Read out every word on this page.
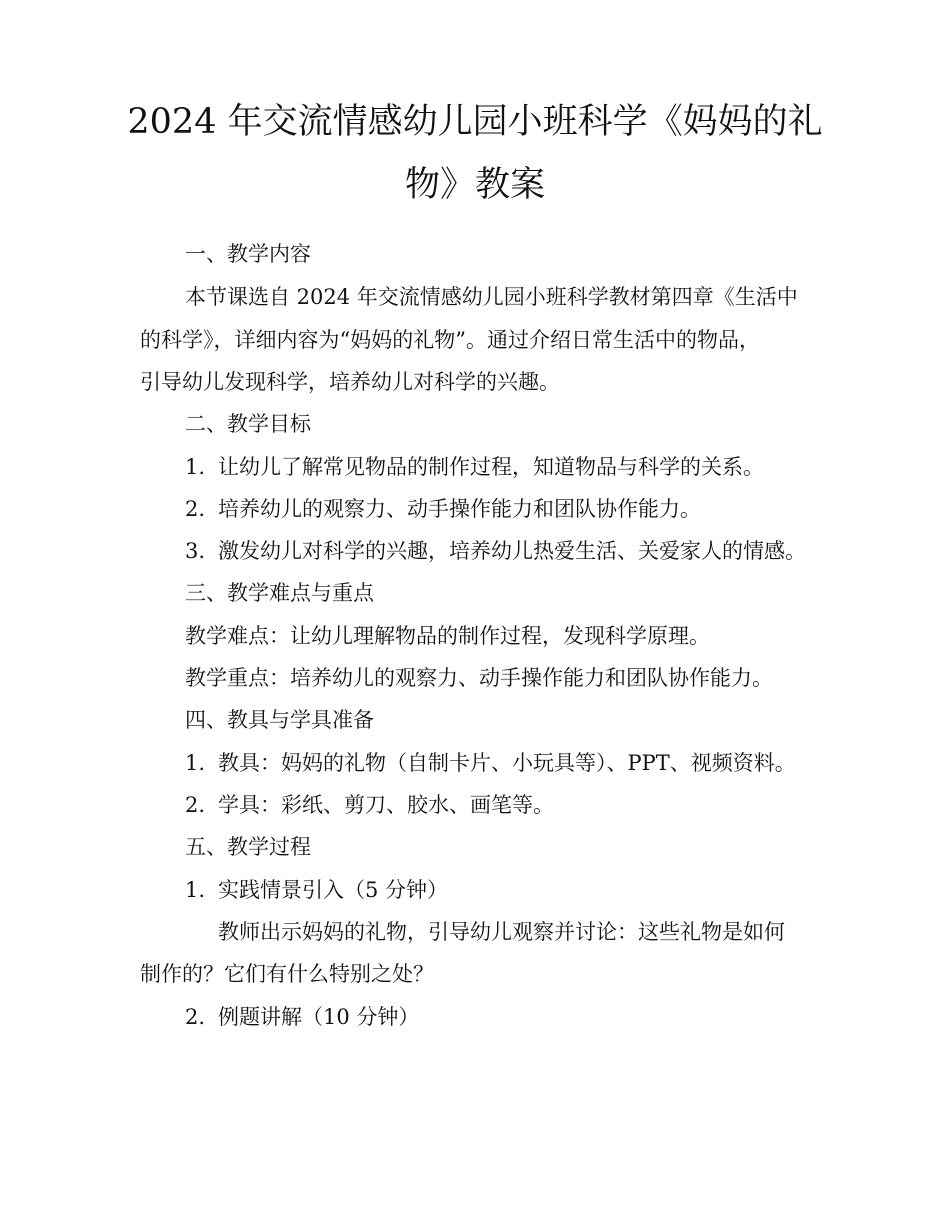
2024 年交流情感幼儿园小班科学《妈妈的礼
物》教案
一、教学内容
本节课选自 2024 年交流情感幼儿园小班科学教材第四章《生活中
的科学》，详细内容为“妈妈的礼物”。通过介绍日常生活中的物品，
引导幼儿发现科学，培养幼儿对科学的兴趣。
二、教学目标
1. 让幼儿了解常见物品的制作过程，知道物品与科学的关系。
2. 培养幼儿的观察力、动手操作能力和团队协作能力。
3. 激发幼儿对科学的兴趣，培养幼儿热爱生活、关爱家人的情感。
三、教学难点与重点
教学难点：让幼儿理解物品的制作过程，发现科学原理。
教学重点：培养幼儿的观察力、动手操作能力和团队协作能力。
四、教具与学具准备
1. 教具：妈妈的礼物（自制卡片、小玩具等）、PPT、视频资料。
2. 学具：彩纸、剪刀、胶水、画笔等。
五、教学过程
1. 实践情景引入（5 分钟）
教师出示妈妈的礼物，引导幼儿观察并讨论：这些礼物是如何
制作的？它们有什么特别之处？
2. 例题讲解（10 分钟）
